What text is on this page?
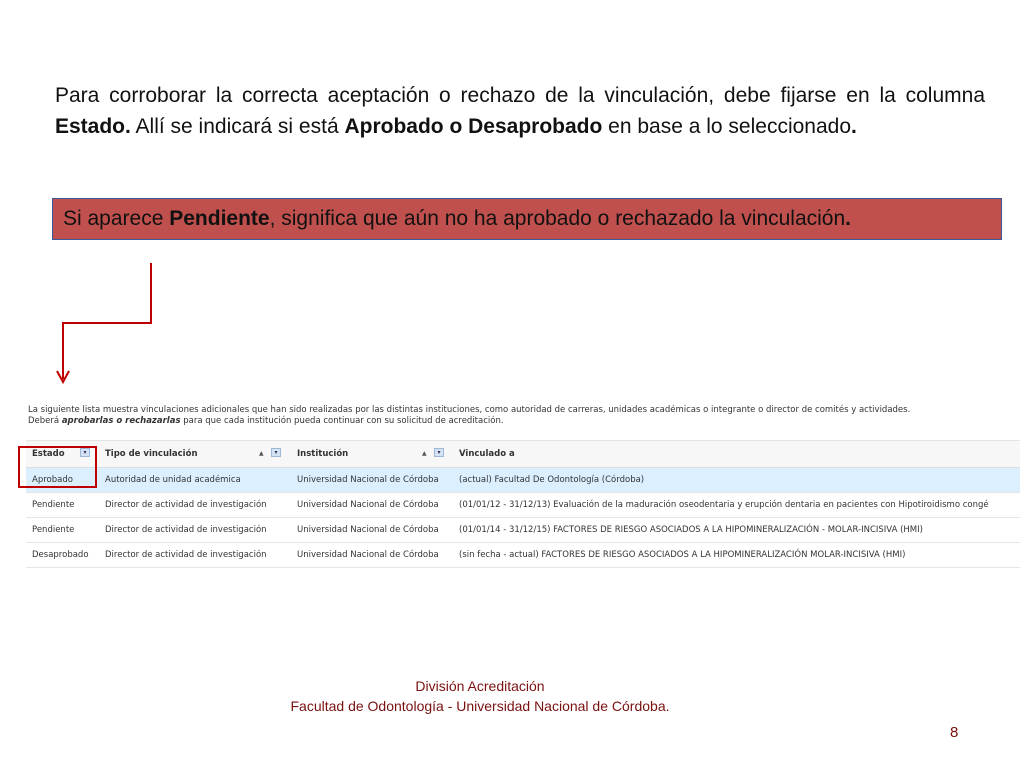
Para corroborar la correcta aceptación o rechazo de la vinculación, debe fijarse en la columna Estado. Allí se indicará si está Aprobado o Desaprobado en base a lo seleccionado.
Si aparece Pendiente, significa que aún no ha aprobado o rechazado la vinculación.
La siguiente lista muestra vinculaciones adicionales que han sido realizadas por las distintas instituciones, como autoridad de carreras, unidades académicas o integrante o director de comités y actividades.
Deberá aprobarlas o rechazarlas para que cada institución pueda continuar con su solicitud de acreditación.
Estado ▾	Tipo de vinculación ▲ ▾	Institución ▲ ▾	Vinculado a
Aprobado	Autoridad de unidad académica	Universidad Nacional de Córdoba	(actual) Facultad De Odontología (Córdoba)
Pendiente	Director de actividad de investigación	Universidad Nacional de Córdoba	(01/01/12 - 31/12/13) Evaluación de la maduración oseodentaria y erupción dentaria en pacientes con Hipotiroidismo congé
Pendiente	Director de actividad de investigación	Universidad Nacional de Córdoba	(01/01/14 - 31/12/15) FACTORES DE RIESGO ASOCIADOS A LA HIPOMINERALIZACIÓN - MOLAR-INCISIVA (HMI)
Desaprobado	Director de actividad de investigación	Universidad Nacional de Córdoba	(sin fecha - actual) FACTORES DE RIESGO ASOCIADOS A LA HIPOMINERALIZACIÓN MOLAR-INCISIVA (HMI)
División Acreditación
Facultad de Odontología - Universidad Nacional de Córdoba.
8
